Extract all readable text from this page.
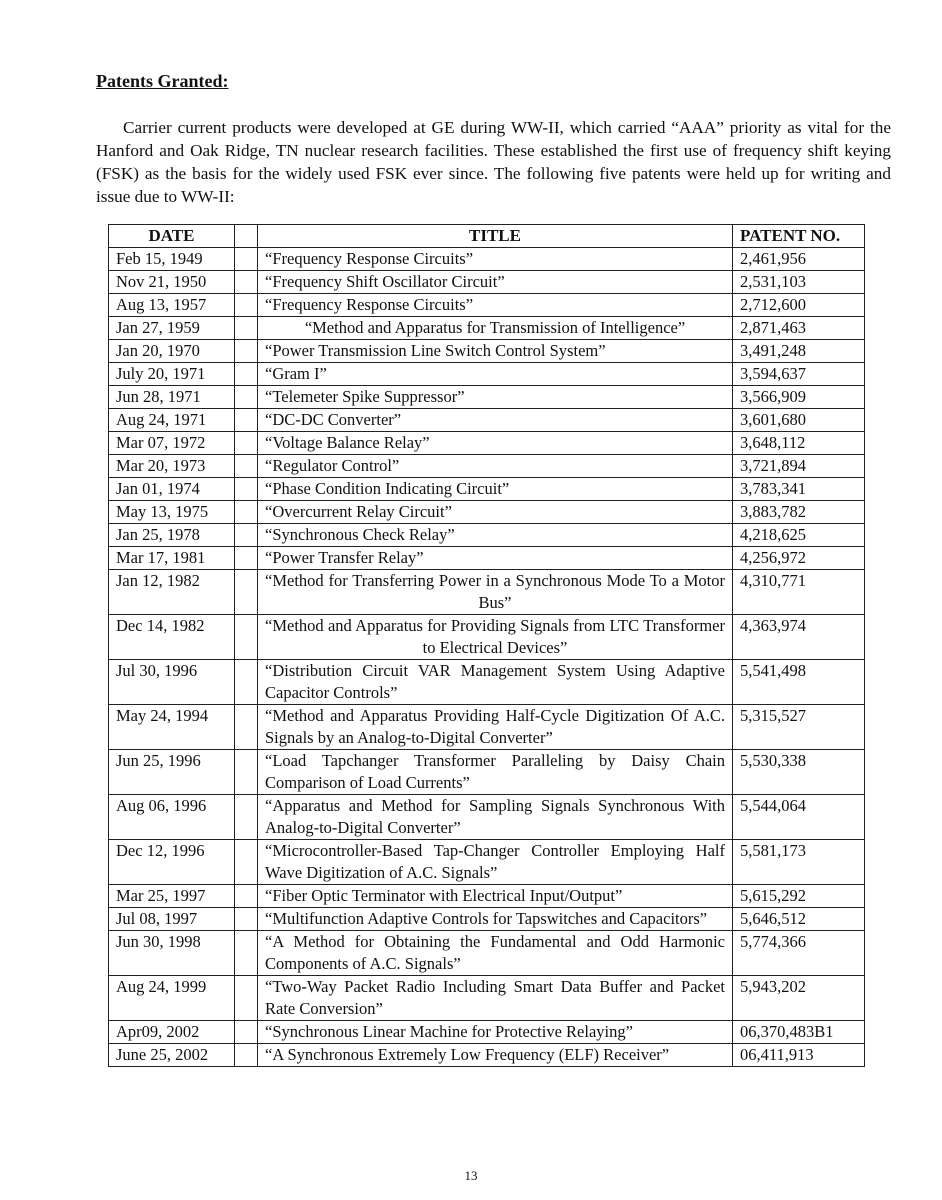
Patents Granted:

Carrier current products were developed at GE during WW-II, which carried “AAA” priority as vital for the Hanford and Oak Ridge, TN nuclear research facilities. These established the first use of frequency shift keying (FSK) as the basis for the widely used FSK ever since. The following five patents were held up for writing and issue due to WW-II:

DATE		TITLE	PATENT NO.
Feb 15, 1949		“Frequency Response Circuits”	2,461,956
Nov 21, 1950		“Frequency Shift Oscillator Circuit”	2,531,103
Aug 13, 1957		“Frequency Response Circuits”	2,712,600
Jan 27, 1959		“Method and Apparatus for Transmission of Intelligence”	2,871,463
Jan 20, 1970		“Power Transmission Line Switch Control System”	3,491,248
July 20, 1971		“Gram I”	3,594,637
Jun 28, 1971		“Telemeter Spike Suppressor”	3,566,909
Aug 24, 1971		“DC-DC Converter”	3,601,680
Mar 07, 1972		“Voltage Balance Relay”	3,648,112
Mar 20, 1973		“Regulator Control”	3,721,894
Jan 01, 1974		“Phase Condition Indicating Circuit”	3,783,341
May 13, 1975		“Overcurrent Relay Circuit”	3,883,782
Jan 25, 1978		“Synchronous Check Relay”	4,218,625
Mar 17, 1981		“Power Transfer Relay”	4,256,972
Jan 12, 1982		“Method for Transferring Power in a Synchronous Mode To a Motor Bus”	4,310,771
Dec 14, 1982		“Method and Apparatus for Providing Signals from LTC Transformer to Electrical Devices”	4,363,974
Jul 30, 1996		“Distribution Circuit VAR Management System Using Adaptive Capacitor Controls”	5,541,498
May 24, 1994		“Method and Apparatus Providing Half-Cycle Digitization Of A.C. Signals by an Analog-to-Digital Converter”	5,315,527
Jun 25, 1996		“Load Tapchanger Transformer Paralleling by Daisy Chain Comparison of Load Currents”	5,530,338
Aug 06, 1996		“Apparatus and Method for Sampling Signals Synchronous With Analog-to-Digital Converter”	5,544,064
Dec 12, 1996		“Microcontroller-Based Tap-Changer Controller Employing Half Wave Digitization of A.C. Signals”	5,581,173
Mar 25, 1997		“Fiber Optic Terminator with Electrical Input/Output”	5,615,292
Jul 08, 1997		“Multifunction Adaptive Controls for Tapswitches and Capacitors”	5,646,512
Jun 30, 1998		“A Method for Obtaining the Fundamental and Odd Harmonic Components of A.C. Signals”	5,774,366
Aug 24, 1999		“Two-Way Packet Radio Including Smart Data Buffer and Packet Rate Conversion”	5,943,202
Apr09, 2002		“Synchronous Linear Machine for Protective Relaying”	06,370,483B1
June 25, 2002		“A Synchronous Extremely Low Frequency (ELF) Receiver”	06,411,913

13
